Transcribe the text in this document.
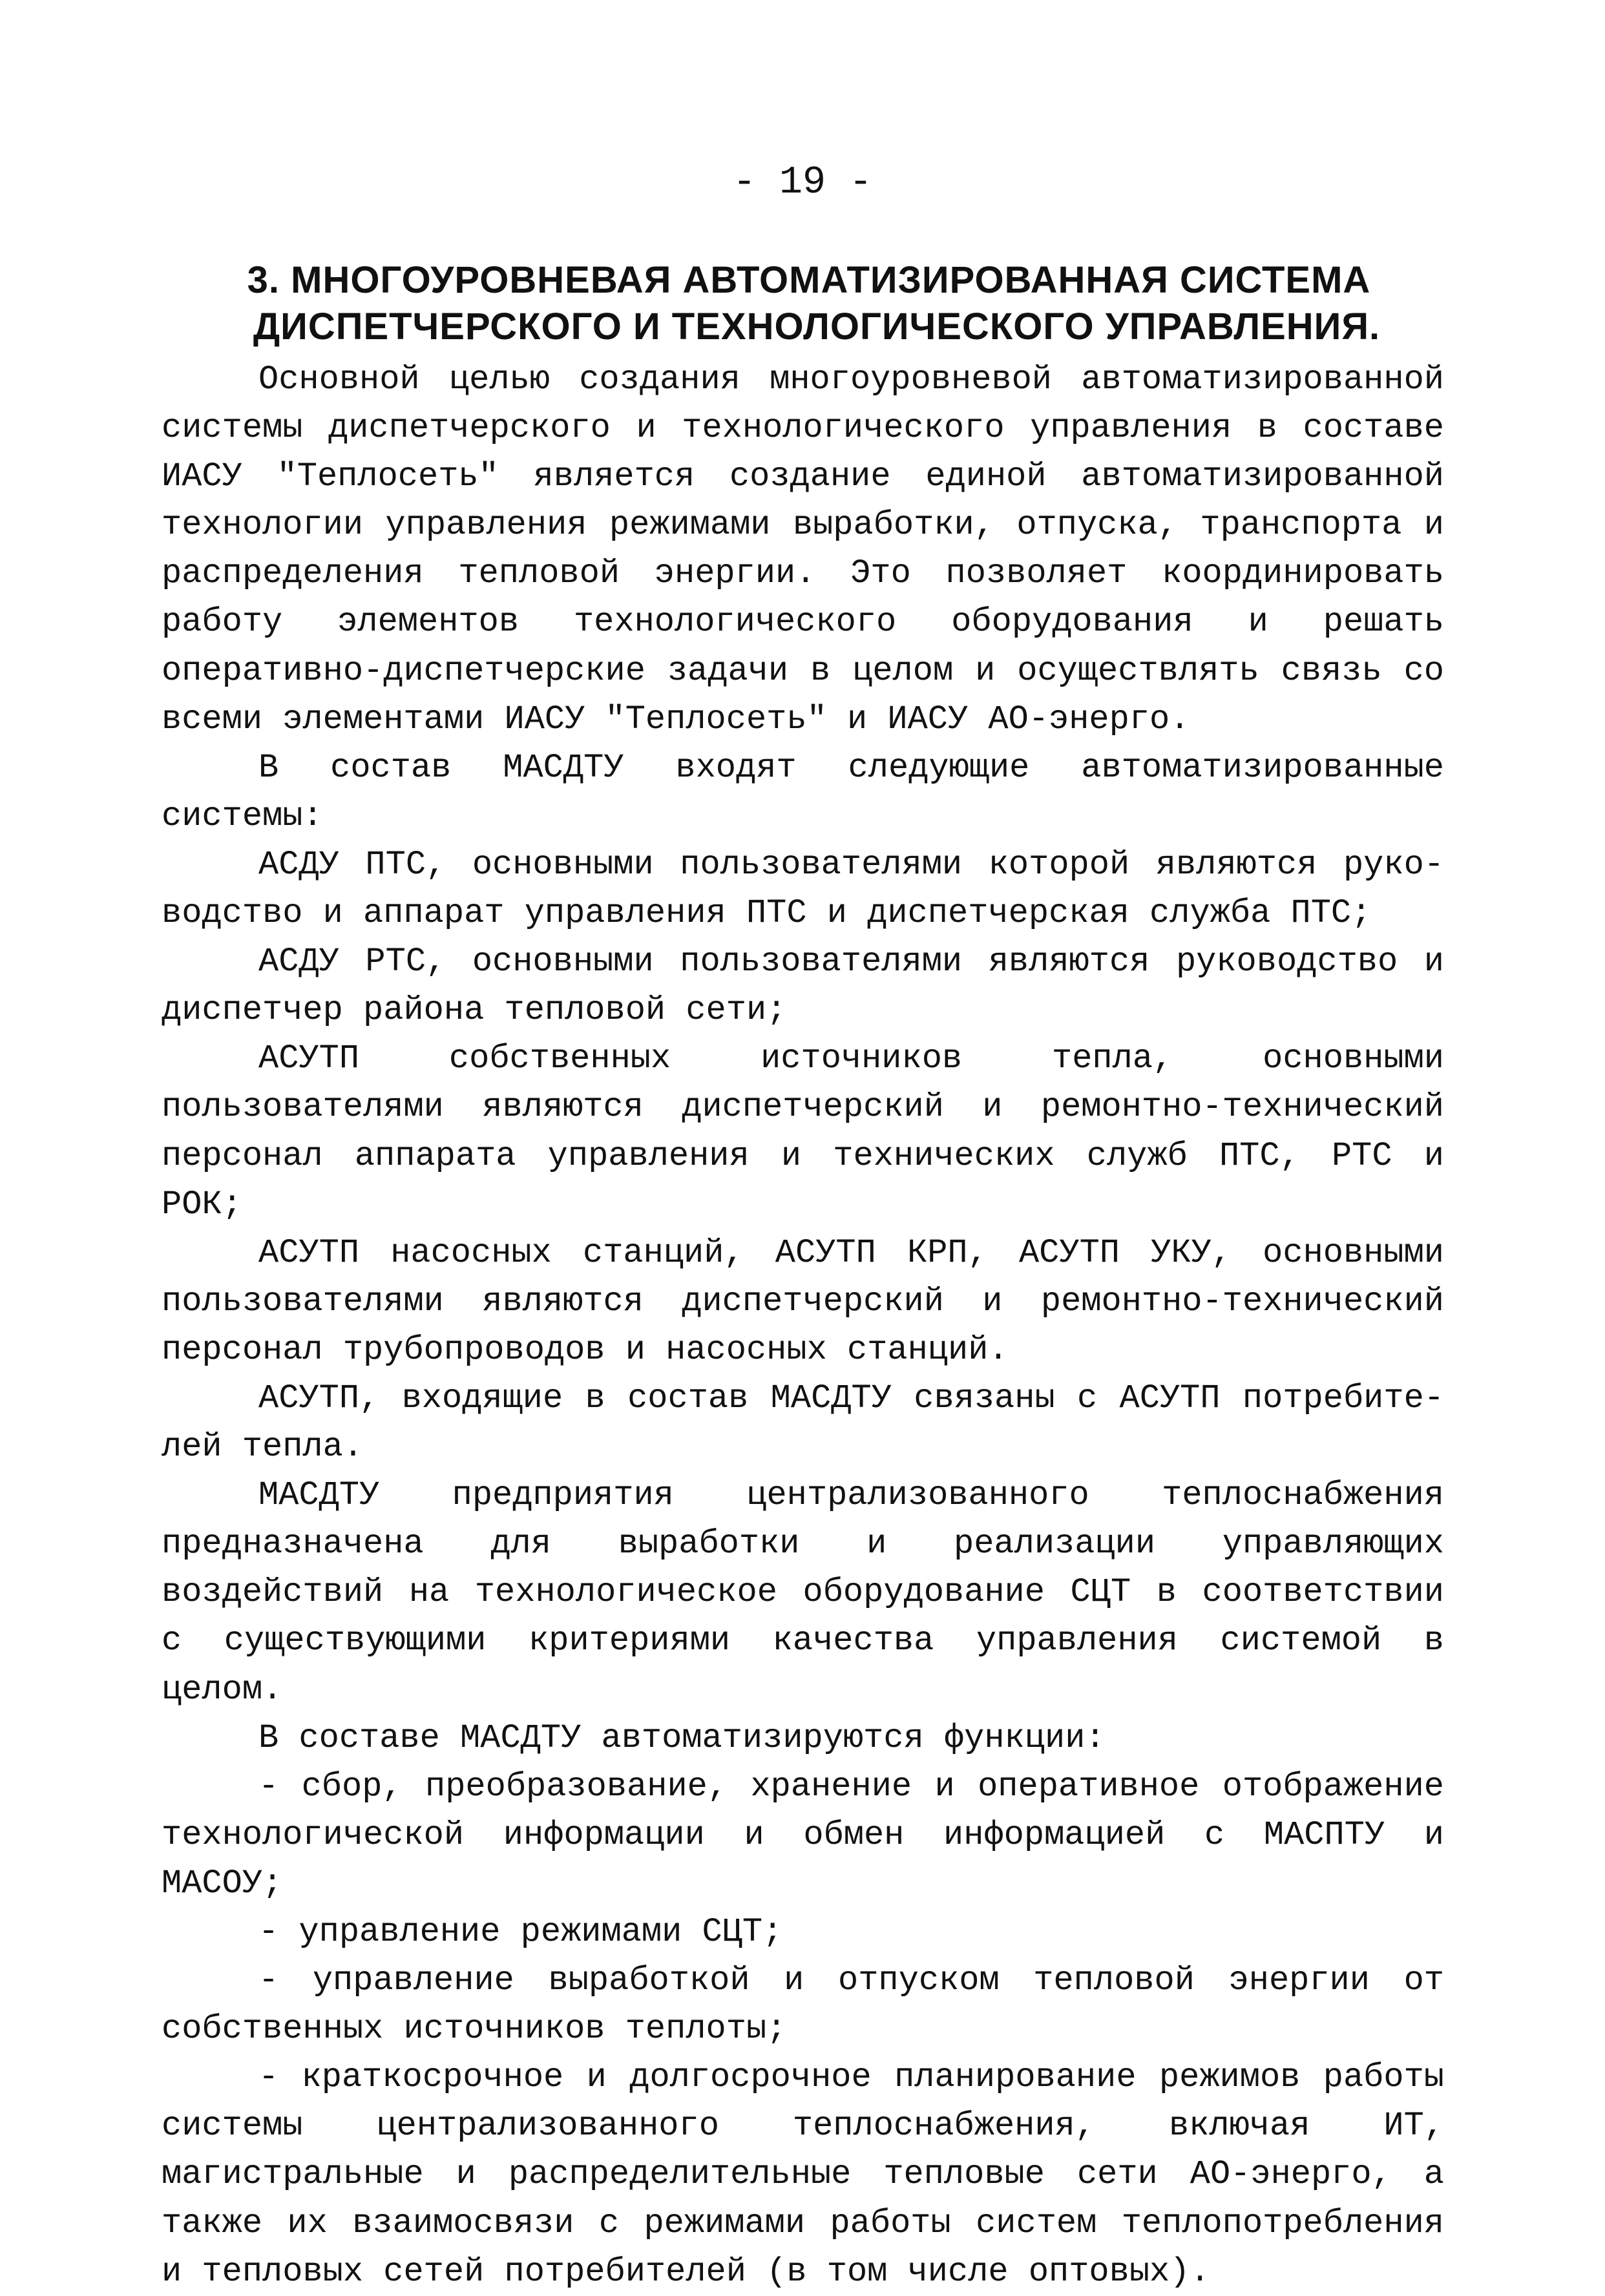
- 19 -
3. МНОГОУРОВНЕВАЯ АВТОМАТИЗИРОВАННАЯ СИСТЕМА
ДИСПЕТЧЕРСКОГО И ТЕХНОЛОГИЧЕСКОГО УПРАВЛЕНИЯ.

Основной целью создания многоуровневой автоматизированной системы диспетчерского и технологического управления в составе ИАСУ "Теплосеть" является создание единой автоматизированной технологии управления режимами выработки, отпуска, транспорта и распределения тепловой энергии. Это позволяет координировать работу элементов технологического оборудования и решать оперативно-диспетчерские задачи в целом и осуществлять связь со всеми элементами ИАСУ "Теплосеть" и ИАСУ АО-энерго.

В состав МАСДТУ входят следующие автоматизированные системы:

АСДУ ПТС, основными пользователями которой являются руководство и аппарат управления ПТС и диспетчерская служба ПТС;

АСДУ РТС, основными пользователями являются руководство и диспетчер района тепловой сети;

АСУТП собственных источников тепла, основными пользователями являются диспетчерский и ремонтно-технический персонал аппарата управления и технических служб ПТС, РТС и РОК;

АСУТП насосных станций, АСУТП КРП, АСУТП УКУ, основными пользователями являются диспетчерский и ремонтно-технический персонал трубопроводов и насосных станций.

АСУТП, входящие в состав МАСДТУ связаны с АСУТП потребителей тепла.

МАСДТУ предприятия централизованного теплоснабжения предназначена для выработки и реализации управляющих воздействий на технологическое оборудование СЦТ в соответствии с существующими критериями качества управления системой в целом.

В составе МАСДТУ автоматизируются функции:

- сбор, преобразование, хранение и оперативное отображение технологической информации и обмен информацией с МАСПТУ и МАСОУ;

- управление режимами СЦТ;

- управление выработкой и отпуском тепловой энергии от собственных источников теплоты;

- краткосрочное и долгосрочное планирование режимов работы системы централизованного теплоснабжения, включая ИТ, магистральные и распределительные тепловые сети АО-энерго, а также их взаимосвязи с режимами работы систем теплопотребления и тепловых сетей потребителей (в том числе оптовых).
